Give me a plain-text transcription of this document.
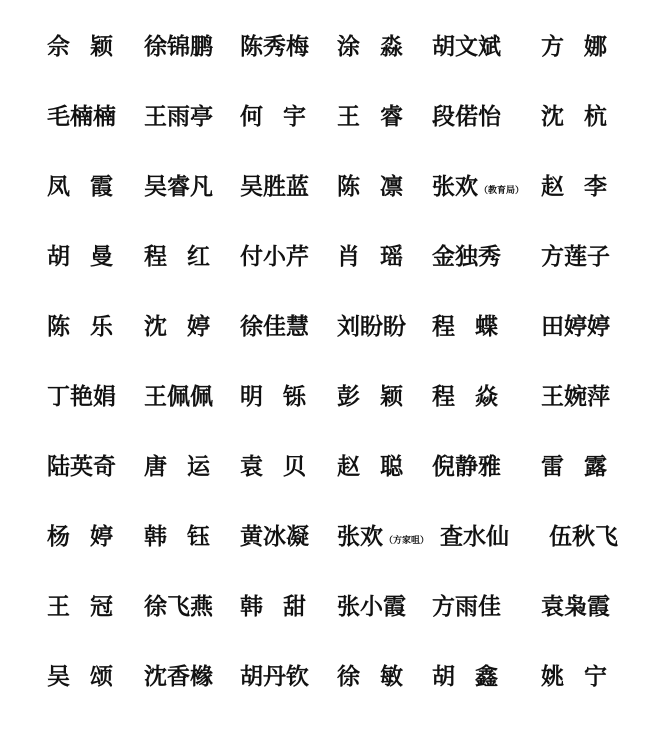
佘 颖 徐锦鹏 陈秀梅 涂 淼 胡文斌 方 娜
毛楠楠 王雨亭 何 宇 王 睿 段偌怡 沈 杭
凤 霞 吴睿凡 吴胜蓝 陈 凛 张欢（教育局） 赵 李
胡 曼 程 红 付小芹 肖 瑶 金独秀 方莲子
陈 乐 沈 婷 徐佳慧 刘盼盼 程 蝶 田婷婷
丁艳娟 王佩佩 明 铄 彭 颖 程 焱 王婉萍
陆英奇 唐 运 袁 贝 赵 聪 倪静雅 雷 露
杨 婷 韩 钰 黄冰凝 张欢（方家咀） 查水仙 伍秋飞
王 冠 徐飞燕 韩 甜 张小霞 方雨佳 袁枭霞
吴 颂 沈香橼 胡丹钦 徐 敏 胡 鑫 姚 宁
